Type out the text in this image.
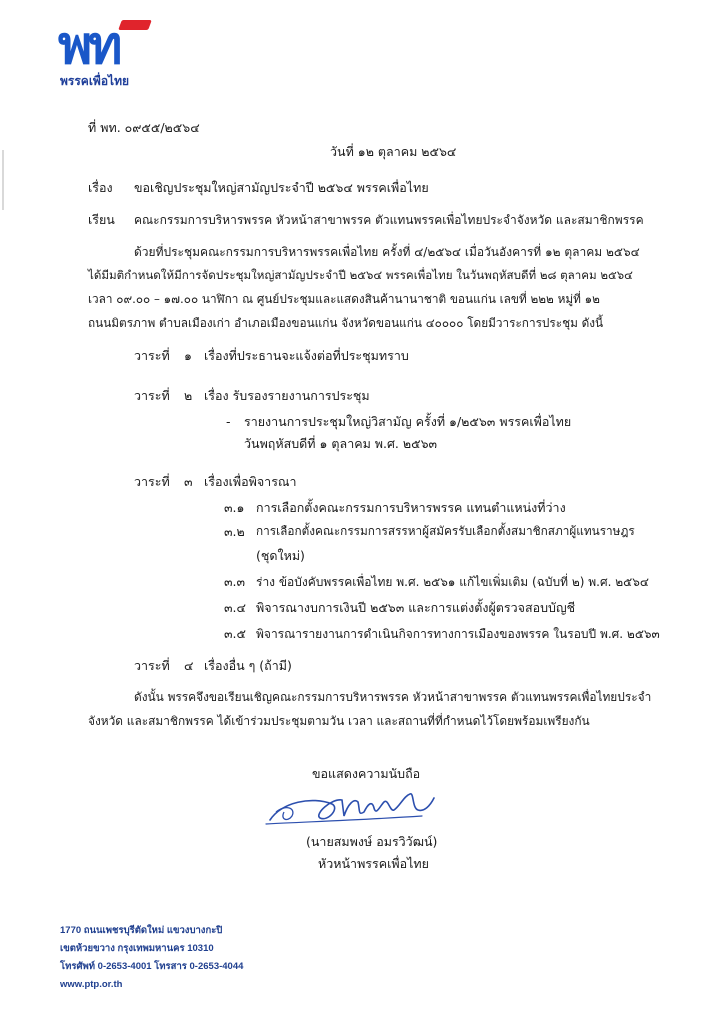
พท
พรรคเพื่อไทย
ที่ พท. ๐๙๕๕/๒๕๖๔
วันที่ ๑๒ ตุลาคม ๒๕๖๔
เรื่อง ขอเชิญประชุมใหญ่สามัญประจำปี ๒๕๖๔ พรรคเพื่อไทย
เรียน คณะกรรมการบริหารพรรค หัวหน้าสาขาพรรค ตัวแทนพรรคเพื่อไทยประจำจังหวัด และสมาชิกพรรค
ด้วยที่ประชุมคณะกรรมการบริหารพรรคเพื่อไทย ครั้งที่ ๔/๒๕๖๔ เมื่อวันอังคารที่ ๑๒ ตุลาคม ๒๕๖๔
ได้มีมติกำหนดให้มีการจัดประชุมใหญ่สามัญประจำปี ๒๕๖๔ พรรคเพื่อไทย ในวันพฤหัสบดีที่ ๒๘ ตุลาคม ๒๕๖๔
เวลา ๐๙.๐๐ – ๑๗.๐๐ นาฬิกา ณ ศูนย์ประชุมและแสดงสินค้านานาชาติ ขอนแก่น เลขที่ ๒๒๒ หมู่ที่ ๑๒
ถนนมิตรภาพ ตำบลเมืองเก่า อำเภอเมืองขอนแก่น จังหวัดขอนแก่น ๔๐๐๐๐ โดยมีวาระการประชุม ดังนี้
วาระที่ ๑ เรื่องที่ประธานจะแจ้งต่อที่ประชุมทราบ
วาระที่ ๒ เรื่อง รับรองรายงานการประชุม
- รายงานการประชุมใหญ่วิสามัญ ครั้งที่ ๑/๒๕๖๓ พรรคเพื่อไทย
วันพฤหัสบดีที่ ๑ ตุลาคม พ.ศ. ๒๕๖๓
วาระที่ ๓ เรื่องเพื่อพิจารณา
๓.๑ การเลือกตั้งคณะกรรมการบริหารพรรค แทนตำแหน่งที่ว่าง
๓.๒ การเลือกตั้งคณะกรรมการสรรหาผู้สมัครรับเลือกตั้งสมาชิกสภาผู้แทนราษฎร
(ชุดใหม่)
๓.๓ ร่าง ข้อบังคับพรรคเพื่อไทย พ.ศ. ๒๕๖๑ แก้ไขเพิ่มเติม (ฉบับที่ ๒) พ.ศ. ๒๕๖๔
๓.๔ พิจารณางบการเงินปี ๒๕๖๓ และการแต่งตั้งผู้ตรวจสอบบัญชี
๓.๕ พิจารณารายงานการดำเนินกิจการทางการเมืองของพรรค ในรอบปี พ.ศ. ๒๕๖๓
วาระที่ ๔ เรื่องอื่น ๆ (ถ้ามี)
ดังนั้น พรรคจึงขอเรียนเชิญคณะกรรมการบริหารพรรค หัวหน้าสาขาพรรค ตัวแทนพรรคเพื่อไทยประจำ
จังหวัด และสมาชิกพรรค ได้เข้าร่วมประชุมตามวัน เวลา และสถานที่ที่กำหนดไว้โดยพร้อมเพรียงกัน
ขอแสดงความนับถือ
(นายสมพงษ์ อมรวิวัฒน์)
หัวหน้าพรรคเพื่อไทย
1770 ถนนเพชรบุรีตัดใหม่ แขวงบางกะปิ
เขตห้วยขวาง กรุงเทพมหานคร 10310
โทรศัพท์ 0-2653-4001 โทรสาร 0-2653-4044
www.ptp.or.th
